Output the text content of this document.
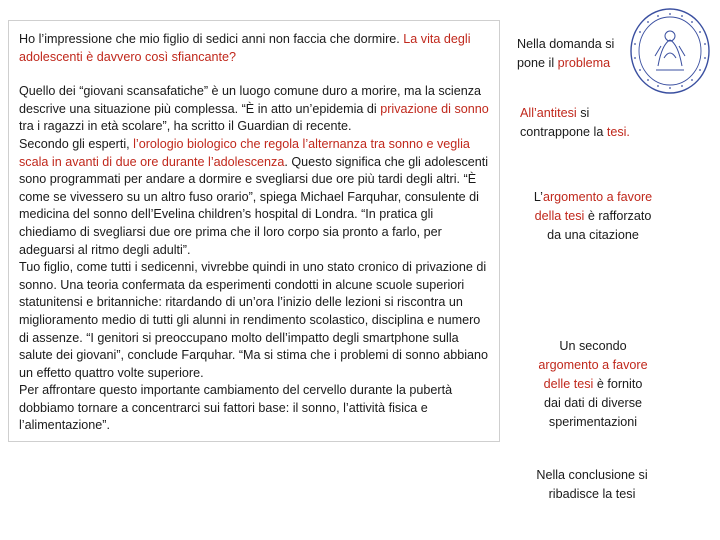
Ho l’impressione che mio figlio di sedici anni non faccia che dormire. La vita degli adolescenti è davvero così sfiancante?

Quello dei “giovani scansafatiche” è un luogo comune duro a morire, ma la scienza descrive una situazione più complessa. “È in atto un’epidemia di privazione di sonno tra i ragazzi in età scolare”, ha scritto il Guardian di recente.

Secondo gli esperti, l’orologio biologico che regola l’alternanza tra sonno e veglia scala in avanti di due ore durante l’adolescenza. Questo significa che gli adolescenti sono programmati per andare a dormire e svegliarsi due ore più tardi degli altri. “È come se vivessero su un altro fuso orario”, spiega Michael Farquhar, consulente di medicina del sonno dell’Evelina children’s hospital di Londra. “In pratica gli chiediamo di svegliarsi due ore prima che il loro corpo sia pronto a farlo, per adeguarsi al ritmo degli adulti”.

Tuo figlio, come tutti i sedicenni, vivrebbe quindi in uno stato cronico di privazione di sonno. Una teoria confermata da esperimenti condotti in alcune scuole superiori statunitensi e britanniche: ritardando di un’ora l’inizio delle lezioni si riscontra un miglioramento medio di tutti gli alunni in rendimento scolastico, disciplina e numero di assenze. “I genitori si preoccupano molto dell’impatto degli smartphone sulla salute dei giovani”, conclude Farquhar. “Ma si stima che i problemi di sonno abbiano un effetto quattro volte superiore.

Per affrontare questo importante cambiamento del cervello durante la pubertà dobbiamo tornare a concentrarci sui fattori base: il sonno, l’attività fisica e l’alimentazione”.

Nella domanda si
pone il problema
All’antitesi si
contrappone la tesi.
L’argomento a favore
della tesi è rafforzato
da una citazione
Un secondo
argomento a favore
delle tesi è fornito
dai dati di diverse
sperimentazioni
Nella conclusione si
ribadisce la tesi
